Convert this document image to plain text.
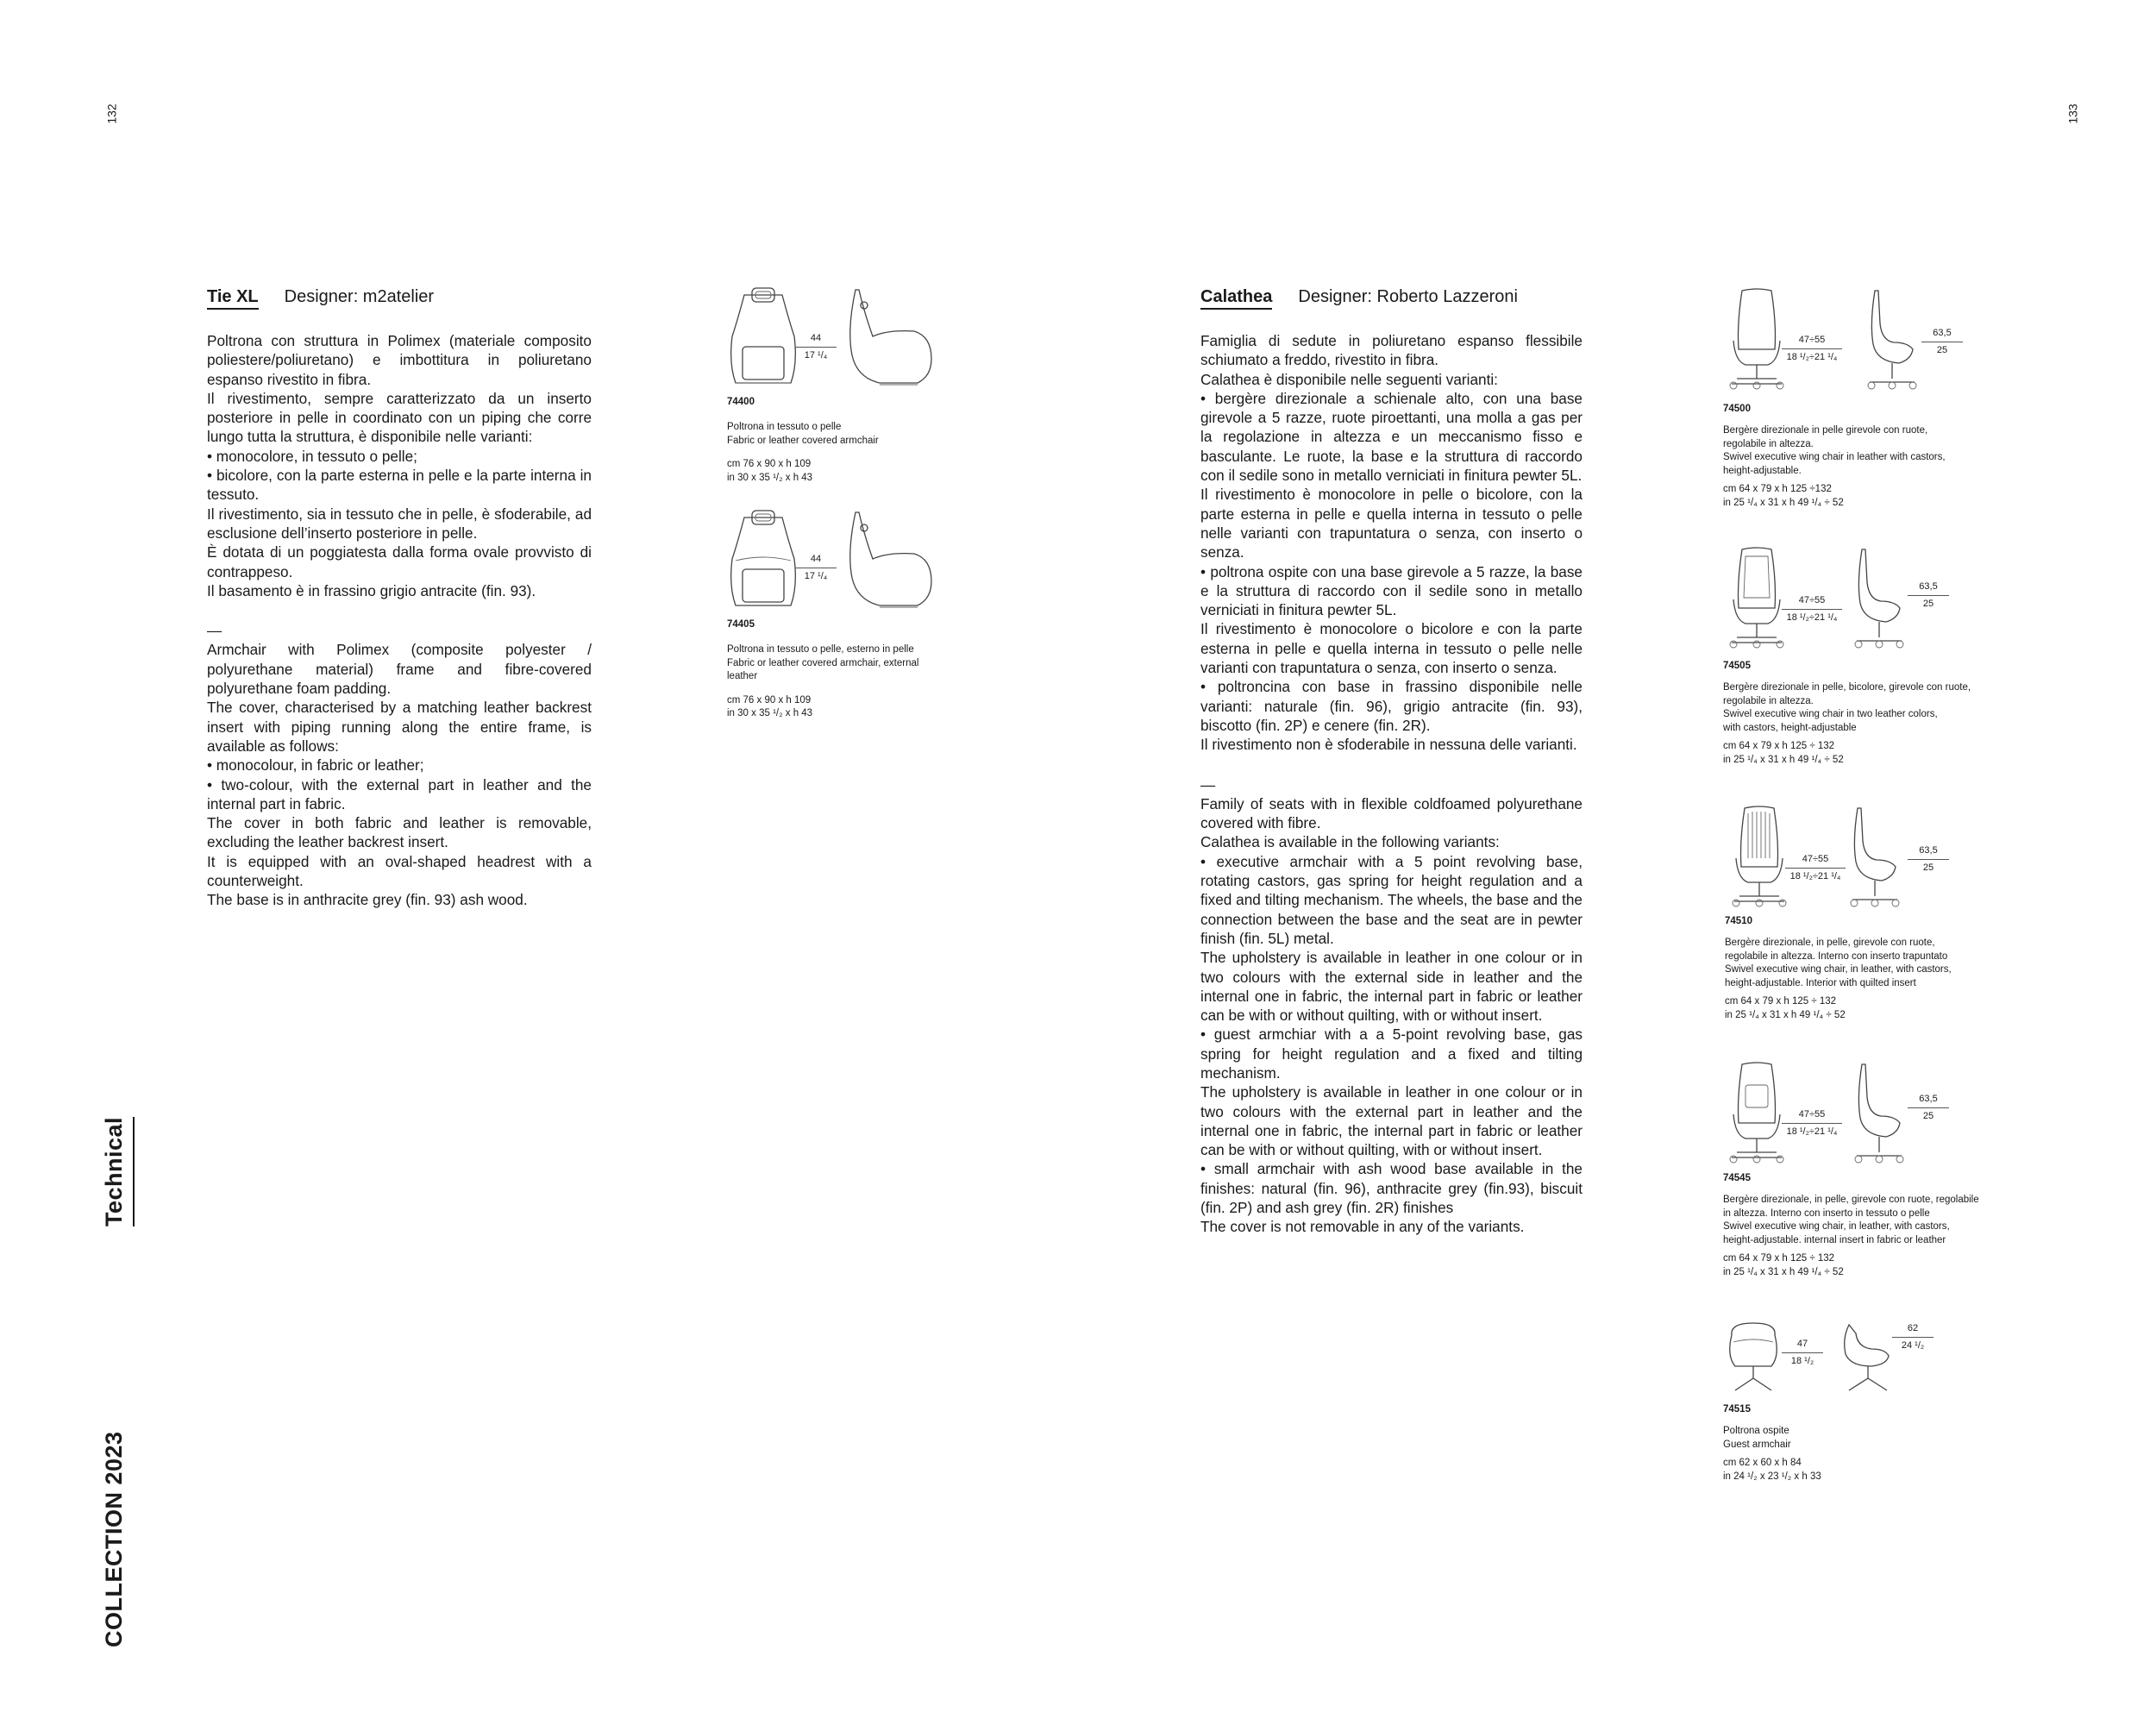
132	133
Technical
COLLECTION 2023
Tie XL Designer: m2atelier

Poltrona con struttura in Polimex (materiale composito poliestere/poliuretano) e imbottitura in poliuretano espanso rivestito in fibra.

Il rivestimento, sempre caratterizzato da un inserto posteriore in pelle in coordinato con un piping che corre lungo tutta la struttura, è disponibile nelle varianti:

• monocolore, in tessuto o pelle;

• bicolore, con la parte esterna in pelle e la parte interna in tessuto.

Il rivestimento, sia in tessuto che in pelle, è sfoderabile, ad esclusione dell’inserto posteriore in pelle.

È dotata di un poggiatesta dalla forma ovale provvisto di contrappeso.

Il basamento è in frassino grigio antracite (fin. 93).

—

Armchair with Polimex (composite polyester / polyurethane material) frame and fibre-covered polyurethane foam padding.

The cover, characterised by a matching leather backrest insert with piping running along the entire frame, is available as follows:

• monocolour, in fabric or leather;

• two-colour, with the external part in leather and the internal part in fabric.

The cover in both fabric and leather is removable, excluding the leather backrest insert.

It is equipped with an oval-shaped headrest with a counterweight.

The base is in anthracite grey (fin. 93) ash wood.

44
17 ¹/₄
74400
Poltrona in tessuto o pelle
Fabric or leather covered armchair
cm 76 x 90 x h 109
in 30 x 35 ¹/₂ x h 43
44
17 ¹/₄
74405
Poltrona in tessuto o pelle, esterno in pelle
Fabric or leather covered armchair, external leather
cm 76 x 90 x h 109
in 30 x 35 ¹/₂ x h 43
Calathea Designer: Roberto Lazzeroni

Famiglia di sedute in poliuretano espanso flessibile schiumato a freddo, rivestito in fibra.

Calathea è disponibile nelle seguenti varianti:

• bergère direzionale a schienale alto, con una base girevole a 5 razze, ruote piroettanti, una molla a gas per la regolazione in altezza e un meccanismo fisso e basculante. Le ruote, la base e la struttura di raccordo con il sedile sono in metallo verniciati in finitura pewter 5L.

Il rivestimento è monocolore in pelle o bicolore, con la parte esterna in pelle e quella interna in tessuto o pelle nelle varianti con trapuntatura o senza, con inserto o senza.

• poltrona ospite con una base girevole a 5 razze, la base e la struttura di raccordo con il sedile sono in metallo verniciati in finitura pewter 5L.

Il rivestimento è monocolore o bicolore e con la parte esterna in pelle e quella interna in tessuto o pelle nelle varianti con trapuntatura o senza, con inserto o senza.

• poltroncina con base in frassino disponibile nelle varianti: naturale (fin. 96), grigio antracite (fin. 93), biscotto (fin. 2P) e cenere (fin. 2R).

Il rivestimento non è sfoderabile in nessuna delle varianti.

—

Family of seats with in flexible coldfoamed polyurethane covered with fibre.

Calathea is available in the following variants:

• executive armchair with a 5 point revolving base, rotating castors, gas spring for height regulation and a fixed and tilting mechanism. The wheels, the base and the connection between the base and the seat are in pewter finish (fin. 5L) metal.

The upholstery is available in leather in one colour or in two colours with the external side in leather and the internal one in fabric, the internal part in fabric or leather can be with or without quilting, with or without insert.

• guest armchiar with a a 5-point revolving base, gas spring for height regulation and a fixed and tilting mechanism.

The upholstery is available in leather in one colour or in two colours with the external part in leather and the internal one in fabric, the internal part in fabric or leather can be with or without quilting, with or without insert.

• small armchair with ash wood base available in the finishes: natural (fin. 96), anthracite grey (fin.93), biscuit (fin. 2P) and ash grey (fin. 2R) finishes

The cover is not removable in any of the variants.

47÷55
18 ¹/₂÷21 ¹/₄
63,5
25
74500
Bergère direzionale in pelle girevole con ruote,
regolabile in altezza.
Swivel executive wing chair in leather with castors,
height-adjustable.
cm 64 x 79 x h 125 ÷132
in 25 ¹/₄ x 31 x h 49 ¹/₄ ÷ 52
47÷55
18 ¹/₂÷21 ¹/₄
63,5
25
74505
Bergère direzionale in pelle, bicolore, girevole con ruote,
regolabile in altezza.
Swivel executive wing chair in two leather colors,
with castors, height-adjustable
cm 64 x 79 x h 125 ÷ 132
in 25 ¹/₄ x 31 x h 49 ¹/₄ ÷ 52
47÷55
18 ¹/₂÷21 ¹/₄
63,5
25
74510
Bergère direzionale, in pelle, girevole con ruote,
regolabile in altezza. Interno con inserto trapuntato
Swivel executive wing chair, in leather, with castors,
height-adjustable. Interior with quilted insert
cm 64 x 79 x h 125 ÷ 132
in 25 ¹/₄ x 31 x h 49 ¹/₄ ÷ 52
47÷55
18 ¹/₂÷21 ¹/₄
63,5
25
74545
Bergère direzionale, in pelle, girevole con ruote, regolabile
in altezza. Interno con inserto in tessuto o pelle
Swivel executive wing chair, in leather, with castors,
height-adjustable. internal insert in fabric or leather
cm 64 x 79 x h 125 ÷ 132
in 25 ¹/₄ x 31 x h 49 ¹/₄ ÷ 52
47
18 ¹/₂
62
24 ¹/₂
74515
Poltrona ospite
Guest armchair
cm 62 x 60 x h 84
in 24 ¹/₂ x 23 ¹/₂ x h 33
